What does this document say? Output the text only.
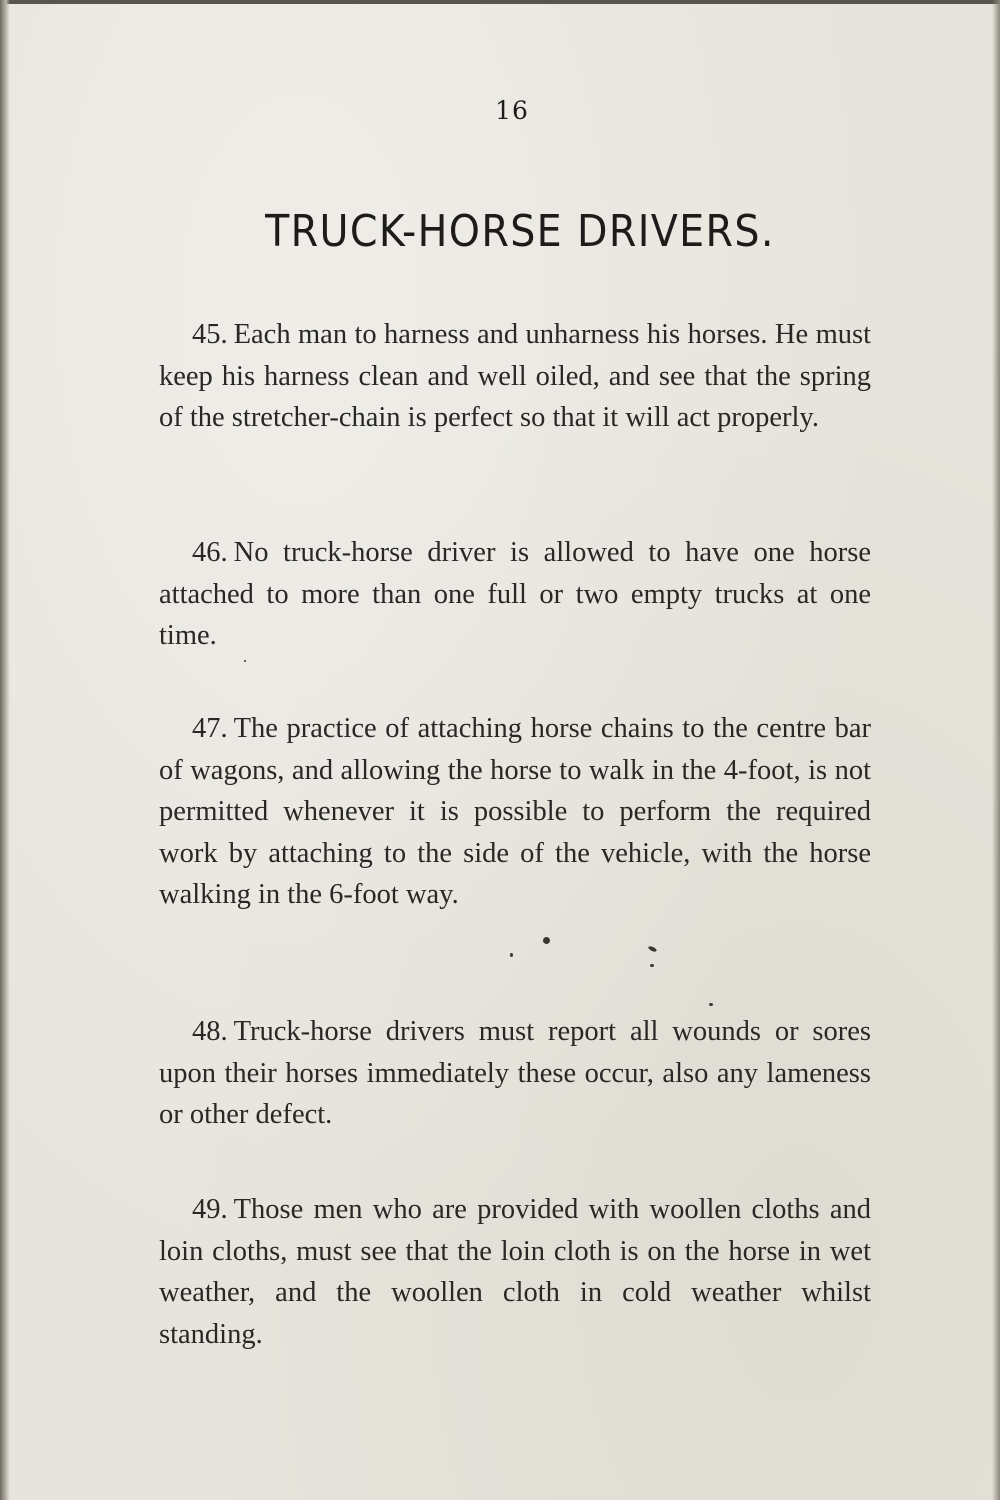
16
TRUCK-HORSE DRIVERS.

45. Each man to harness and unharness his horses. He must keep his harness clean and well oiled, and see that the spring of the stretcher-chain is perfect so that it will act properly.

46. No truck-horse driver is allowed to have one horse attached to more than one full or two empty trucks at one time.

47. The practice of attaching horse chains to the centre bar of wagons, and allowing the horse to walk in the 4-foot, is not permitted whenever it is possible to perform the required work by attaching to the side of the vehicle, with the horse walking in the 6-foot way.

48. Truck-horse drivers must report all wounds or sores upon their horses immediately these occur, also any lameness or other defect.

49. Those men who are provided with woollen cloths and loin cloths, must see that the loin cloth is on the horse in wet weather, and the woollen cloth in cold weather whilst standing.
